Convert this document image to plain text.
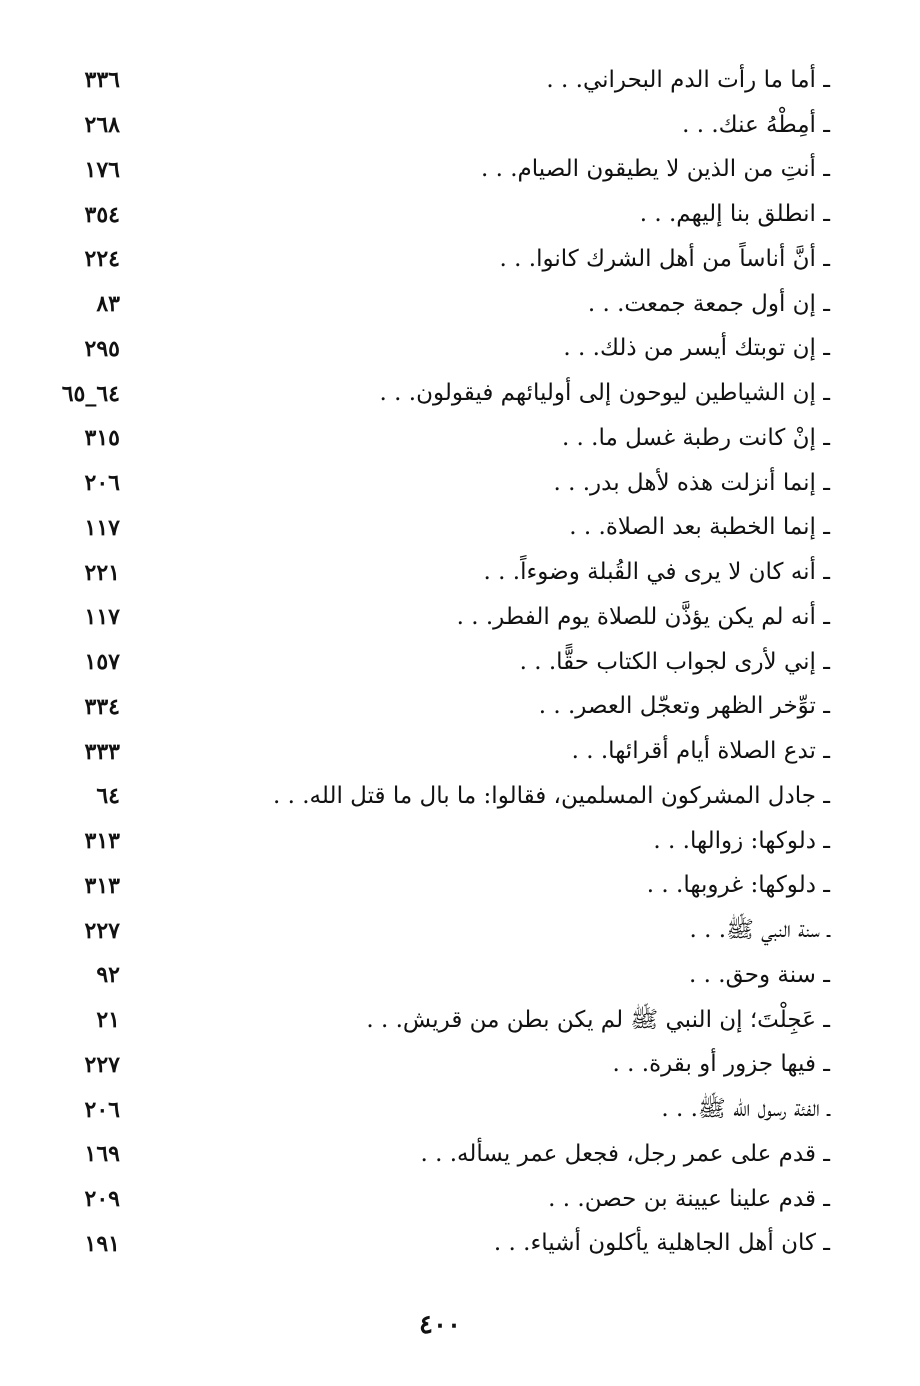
ـ أما ما رأت الدم البحراني. . .
٣٣٦
ـ أمِطْهُ عنك. . .
٢٦٨
ـ أنتِ من الذين لا يطيقون الصيام. . .
١٧٦
ـ انطلق بنا إليهم. . .
٣٥٤
ـ أنَّ أناساً من أهل الشرك كانوا. . .
٢٢٤
ـ إن أول جمعة جمعت. . .
٨٣
ـ إن توبتك أيسر من ذلك. . .
٢٩٥
ـ إن الشياطين ليوحون إلى أوليائهم فيقولون. . .
٦٤_٦٥
ـ إنْ كانت رطبة غسل ما. . .
٣١٥
ـ إنما أنزلت هذه لأهل بدر. . .
٢٠٦
ـ إنما الخطبة بعد الصلاة. . .
١١٧
ـ أنه كان لا يرى في القُبلة وضوءاً. . .
٢٢١
ـ أنه لم يكن يؤذَّن للصلاة يوم الفطر. . .
١١٧
ـ إني لأرى لجواب الكتاب حقًّا. . .
١٥٧
ـ توِّخر الظهر وتعجّل العصر. . .
٣٣٤
ـ تدع الصلاة أيام أقرائها. . .
٣٣٣
ـ جادل المشركون المسلمين، فقالوا: ما بال ما قتل الله. . .
٦٤
ـ دلوكها: زوالها. . .
٣١٣
ـ دلوكها: غروبها. . .
٣١٣
ـ سنة النبي ﷺ. . .
٢٢٧
ـ سنة وحق. . .
٩٢
ـ عَجِلْتَ؛ إن النبي ﷺ لم يكن بطن من قريش. . .
٢١
ـ فيها جزور أو بقرة. . .
٢٢٧
ـ الفئة رسول الله ﷺ. . .
٢٠٦
ـ قدم على عمر رجل، فجعل عمر يسأله. . .
١٦٩
ـ قدم علينا عيينة بن حصن. . .
٢٠٩
ـ كان أهل الجاهلية يأكلون أشياء. . .
١٩١
٤٠٠
